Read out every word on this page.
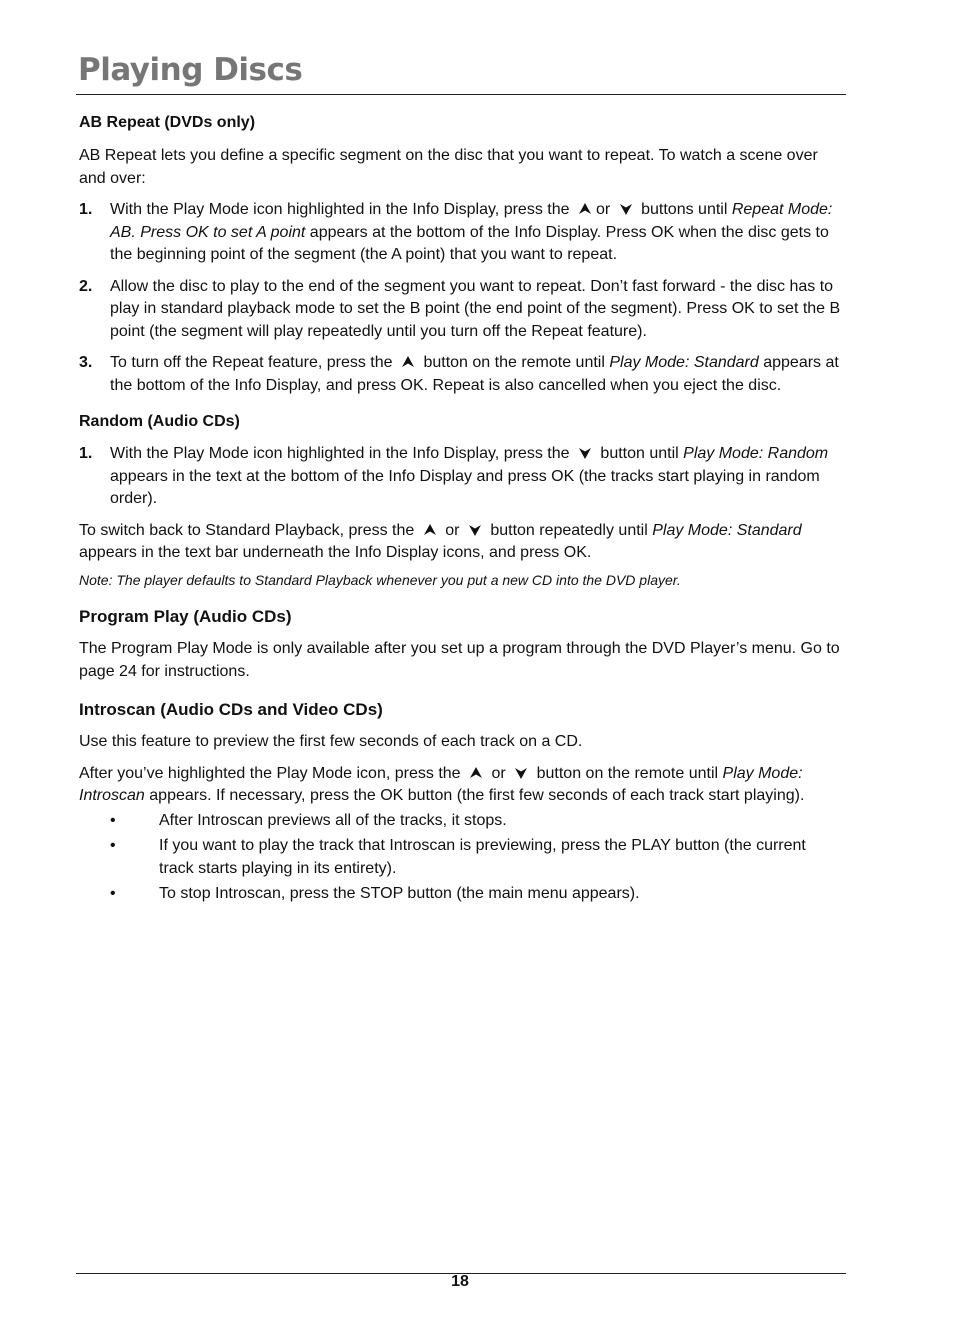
Playing Discs
AB Repeat (DVDs only)

AB Repeat lets you define a specific segment on the disc that you want to repeat. To watch a scene over and over:

1. With the Play Mode icon highlighted in the Info Display, press the or buttons until Repeat Mode: AB. Press OK to set A point appears at the bottom of the Info Display. Press OK when the disc gets to the beginning point of the segment (the A point) that you want to repeat.
2. Allow the disc to play to the end of the segment you want to repeat. Don’t fast forward - the disc has to play in standard playback mode to set the B point (the end point of the segment). Press OK to set the B point (the segment will play repeatedly until you turn off the Repeat feature).
3. To turn off the Repeat feature, press the button on the remote until Play Mode: Standard appears at the bottom of the Info Display, and press OK. Repeat is also cancelled when you eject the disc.
Random (Audio CDs)
1. With the Play Mode icon highlighted in the Info Display, press the button until Play Mode: Random appears in the text at the bottom of the Info Display and press OK (the tracks start playing in random order).

To switch back to Standard Playback, press the or button repeatedly until Play Mode: Standard appears in the text bar underneath the Info Display icons, and press OK.

Note: The player defaults to Standard Playback whenever you put a new CD into the DVD player.

Program Play (Audio CDs)

The Program Play Mode is only available after you set up a program through the DVD Player’s menu. Go to page 24 for instructions.

Introscan (Audio CDs and Video CDs)

Use this feature to preview the first few seconds of each track on a CD.

After you’ve highlighted the Play Mode icon, press the or button on the remote until Play Mode: Introscan appears. If necessary, press the OK button (the first few seconds of each track start playing).

•	After Introscan previews all of the tracks, it stops.
•	If you want to play the track that Introscan is previewing, press the PLAY button (the current track starts playing in its entirety).
•	To stop Introscan, press the STOP button (the main menu appears).
18
